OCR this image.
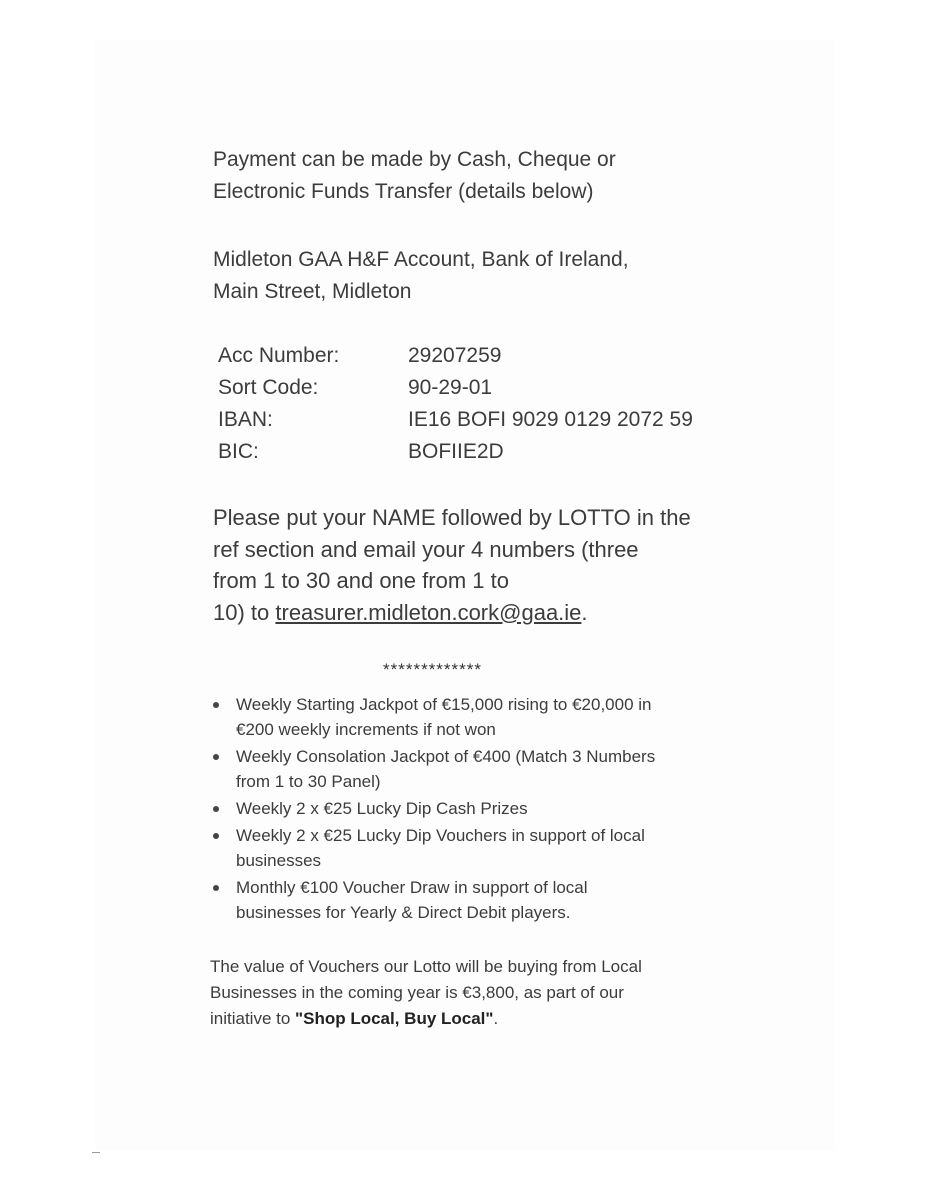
Payment can be made by Cash, Cheque or
Electronic Funds Transfer (details below)

Midleton GAA H&F Account, Bank of Ireland,
Main Street, Midleton

Acc Number:	29207259
Sort Code:	90-29-01
IBAN:	IE16 BOFI 9029 0129 2072 59
BIC:	BOFIIE2D

Please put your NAME followed by LOTTO in the
ref section and email your 4 numbers (three
from 1 to 30 and one from 1 to
10) to treasurer.midleton.cork@gaa.ie.

*************
Weekly Starting Jackpot of €15,000 rising to €20,000 in
€200 weekly increments if not won
Weekly Consolation Jackpot of €400 (Match 3 Numbers
from 1 to 30 Panel)
Weekly 2 x €25 Lucky Dip Cash Prizes
Weekly 2 x €25 Lucky Dip Vouchers in support of local
businesses
Monthly €100 Voucher Draw in support of local
businesses for Yearly & Direct Debit players.

The value of Vouchers our Lotto will be buying from Local
Businesses in the coming year is €3,800, as part of our
initiative to "Shop Local, Buy Local".
